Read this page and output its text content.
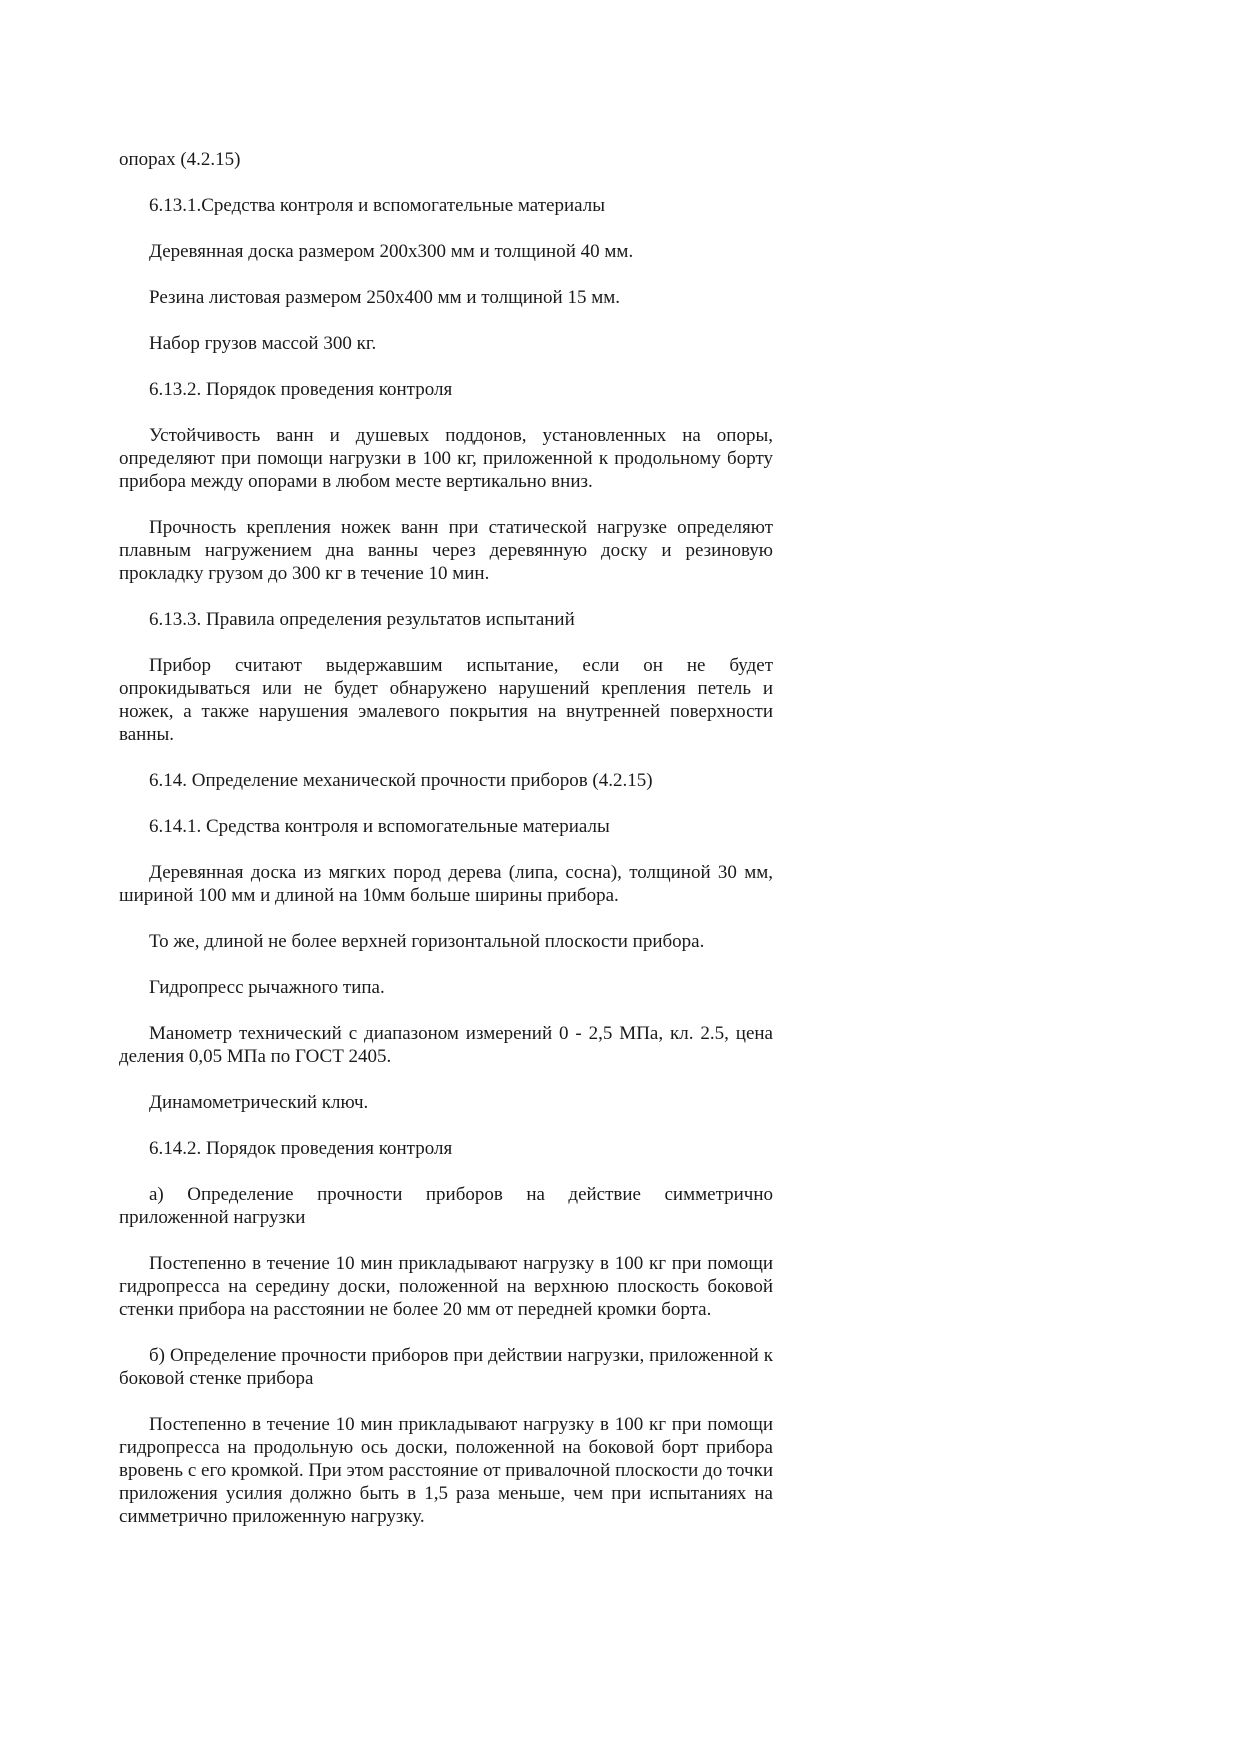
опорах (4.2.15)

6.13.1.Средства контроля и вспомогательные материалы

Деревянная доска размером 200х300 мм и толщиной 40 мм.

Резина листовая размером 250х400 мм и толщиной 15 мм.

Набор грузов массой 300 кг.

6.13.2. Порядок проведения контроля

Устойчивость ванн и душевых поддонов, установленных на опоры, определяют при помощи нагрузки в 100 кг, приложенной к продольному борту прибора между опорами в любом месте вертикально вниз.

Прочность крепления ножек ванн при статической нагрузке определяют плавным нагружением дна ванны через деревянную доску и резиновую прокладку грузом до 300 кг в течение 10 мин.

6.13.3. Правила определения результатов испытаний

Прибор считают выдержавшим испытание, если он не будет опрокидываться или не будет обнаружено нарушений крепления петель и ножек, а также нарушения эмалевого покрытия на внутренней поверхности ванны.

6.14. Определение механической прочности приборов (4.2.15)

6.14.1. Средства контроля и вспомогательные материалы

Деревянная доска из мягких пород дерева (липа, сосна), толщиной 30 мм, шириной 100 мм и длиной на 10мм больше ширины прибора.

То же, длиной не более верхней горизонтальной плоскости прибора.

Гидропресс рычажного типа.

Манометр технический с диапазоном измерений 0 - 2,5 МПа, кл. 2.5, цена деления 0,05 МПа по ГОСТ 2405.

Динамометрический ключ.

6.14.2. Порядок проведения контроля

а) Определение прочности приборов на действие симметрично приложенной нагрузки

Постепенно в течение 10 мин прикладывают нагрузку в 100 кг при помощи гидропресса на середину доски, положенной на верхнюю плоскость боковой стенки прибора на расстоянии не более 20 мм от передней кромки борта.

б) Определение прочности приборов при действии нагрузки, приложенной к боковой стенке прибора

Постепенно в течение 10 мин прикладывают нагрузку в 100 кг при помощи гидропресса на продольную ось доски, положенной на боковой борт прибора вровень с его кромкой. При этом расстояние от привалочной плоскости до точки приложения усилия должно быть в 1,5 раза меньше, чем при испытаниях на симметрично приложенную нагрузку.
